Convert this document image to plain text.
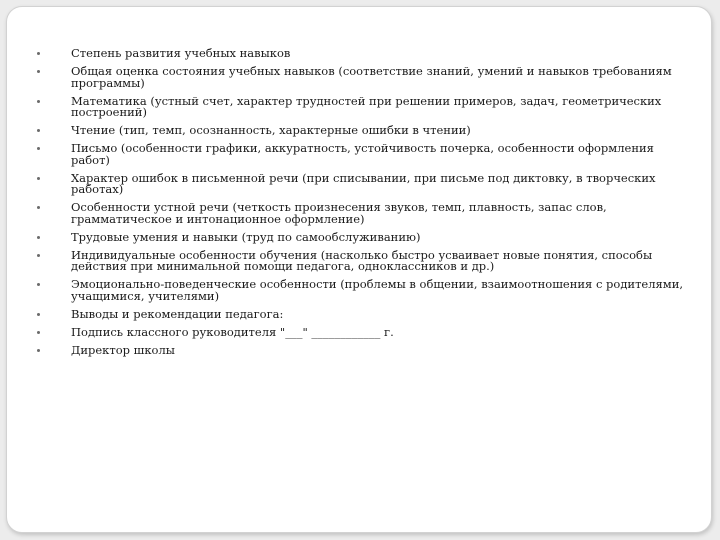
Степень развития учебных навыков
Общая оценка состояния учебных навыков (соответствие знаний, умений и навыков требованиям программы)
Математика (устный счет, характер трудностей при решении примеров, задач, геометрических построений)
Чтение (тип, темп, осознанность, характерные ошибки в чтении)
Письмо (особенности графики, аккуратность, устойчивость почерка, особенности оформления работ)
Характер ошибок в письменной речи (при списывании, при письме под диктовку, в творческих работах)
Особенности устной речи (четкость произнесения звуков, темп, плавность, запас слов, грамматическое и интонационное оформление)
Трудовые умения и навыки (труд по самообслуживанию)
Индивидуальные особенности обучения (насколько быстро усваивает новые понятия, способы действия при минимальной помощи педагога, одноклассников и др.)
Эмоционально-поведенческие особенности (проблемы в общении, взаимоотношения с родителями, учащимися, учителями)
Выводы и рекомендации педагога:
Подпись классного руководителя "___" ____________ г.
Директор школы
